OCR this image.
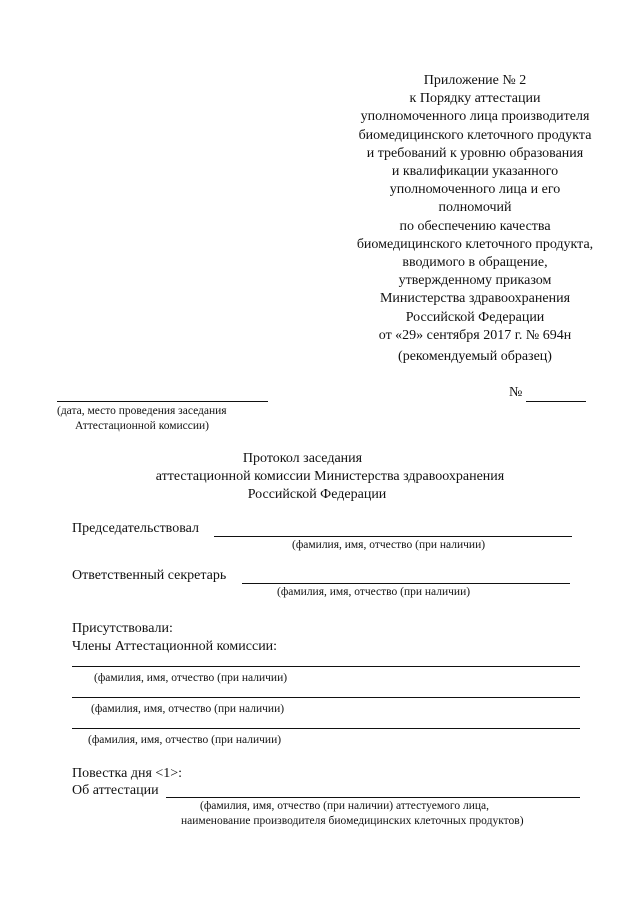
Приложение № 2
к Порядку аттестации
уполномоченного лица производителя
биомедицинского клеточного продукта
и требований к уровню образования
и квалификации указанного
уполномоченного лица и его
полномочий
по обеспечению качества
биомедицинского клеточного продукта,
вводимого в обращение,
утвержденному приказом
Министерства здравоохранения
Российской Федерации
от «29» сентября 2017 г. № 694н
(рекомендуемый образец)
№
(дата, место проведения заседания
Аттестационной комиссии)
Протокол заседания
аттестационной комиссии Министерства здравоохранения
Российской Федерации
Председательствовал
(фамилия, имя, отчество (при наличии)
Ответственный секретарь
(фамилия, имя, отчество (при наличии)
Присутствовали:
Члены Аттестационной комиссии:
(фамилия, имя, отчество (при наличии)
(фамилия, имя, отчество (при наличии)
(фамилия, имя, отчество (при наличии)
Повестка дня <1>:
Об аттестации
(фамилия, имя, отчество (при наличии) аттестуемого лица,
наименование производителя биомедицинских клеточных продуктов)
